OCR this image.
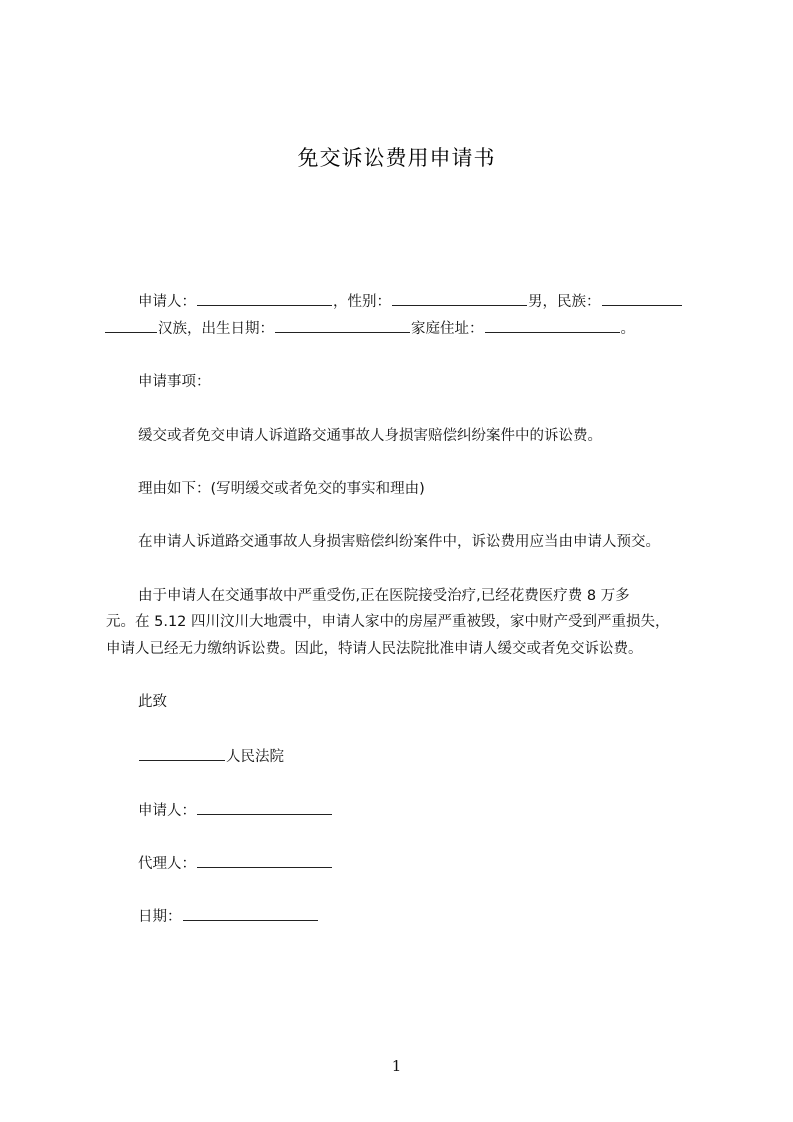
免交诉讼费用申请书
申请人：	，性别：	男，民族：
汉族，出生日期：	家庭住址：	。
申请事项：
缓交或者免交申请人诉道路交通事故人身损害赔偿纠纷案件中的诉讼费。
理由如下：(写明缓交或者免交的事实和理由)
在申请人诉道路交通事故人身损害赔偿纠纷案件中，诉讼费用应当由申请人预交。
由于申请人在交通事故中严重受伤,正在医院接受治疗,已经花费医疗费 8 万多
元。在 5.12 四川汶川大地震中，申请人家中的房屋严重被毁，家中财产受到严重损失，
申请人已经无力缴纳诉讼费。因此，特请人民法院批准申请人缓交或者免交诉讼费。
此致
人民法院
申请人：
代理人：
日期：
1
